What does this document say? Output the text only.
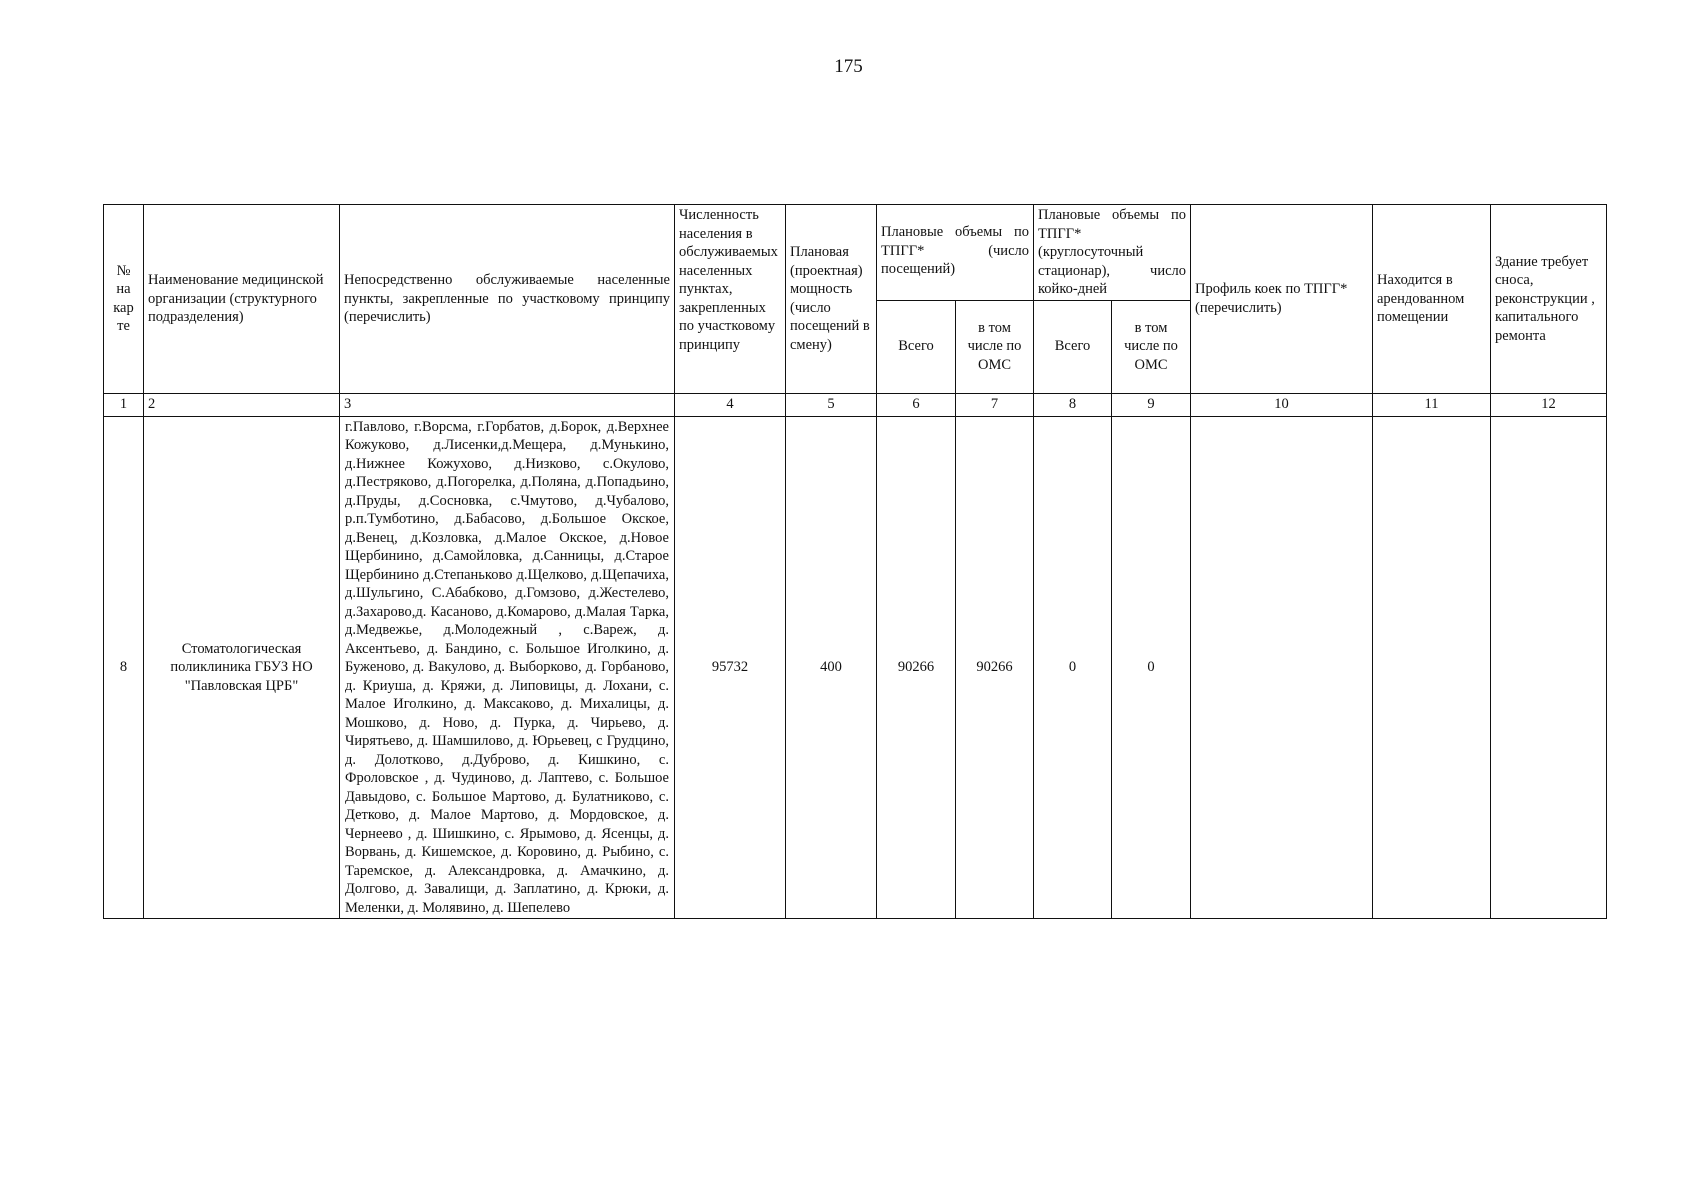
175
№ на кар те	Наименование медицинской организации (структурного подразделения)	Непосредственно обслуживаемые населенные пункты, закрепленные по участковому принципу (перечислить)	Численность населения в обслуживаемых населенных пунктах, закрепленных по участковому принципу	Плановая (проектная) мощность (число посещений в смену)	Плановые объемы по ТПГГ* (число посещений)		Плановые объемы по ТПГГ* (круглосуточный стационар), число койко-дней		Профиль коек по ТПГГ* (перечислить)	Находится в арендованном помещении	Здание требует сноса, реконструкции , капитального ремонта
					Всего	в том числе по ОМС	Всего	в том числе по ОМС			
1	2	3	4	5	6	7	8	9	10	11	12
8	Стоматологическая поликлиника ГБУЗ НО "Павловская ЦРБ"	г.Павлово, г.Ворсма, г.Горбатов, д.Борок, д.Верхнее Кожуково, д.Лисенки,д.Мещера, д.Мунькино, д.Нижнее Кожухово, д.Низково, с.Окулово, д.Пестряково, д.Погорелка, д.Поляна, д.Попадьино, д.Пруды, д.Сосновка, с.Чмутово, д.Чубалово, р.п.Тумботино, д.Бабасово, д.Большое Окское, д.Венец, д.Козловка, д.Малое Окское, д.Новое Щербинино, д.Самойловка, д.Санницы, д.Старое Щербинино д.Степаньково д.Щелково, д.Щепачиха, д.Шульгино, С.Абабково, д.Гомзово, д.Жестелево, д.Захарово,д. Касаново, д.Комарово, д.Малая Тарка, д.Медвежье, д.Молодежный , с.Вареж, д. Аксентьево, д. Бандино, с. Большое Иголкино, д. Буженово, д. Вакулово, д. Выборково, д. Горбаново, д. Криуша, д. Кряжи, д. Липовицы, д. Лохани, с. Малое Иголкино, д. Максаково, д. Михалицы, д. Мошково, д. Ново, д. Пурка, д. Чирьево, д. Чирятьево, д. Шамшилово, д. Юрьевец, с Грудцино, д. Долотково, д.Дуброво, д. Кишкино, с. Фроловское , д. Чудиново, д. Лаптево, с. Большое Давыдово, с. Большое Мартово, д. Булатниково, с. Детково, д. Малое Мартово, д. Мордовское, д. Чернеево , д. Шишкино, с. Ярымово, д. Ясенцы, д. Ворвань, д. Кишемское, д. Коровино, д. Рыбино, с. Таремское, д. Александровка, д. Амачкино, д. Долгово, д. Завалищи, д. Заплатино, д. Крюки, д. Меленки, д. Молявино, д. Шепелево	95732	400	90266	90266	0	0			
